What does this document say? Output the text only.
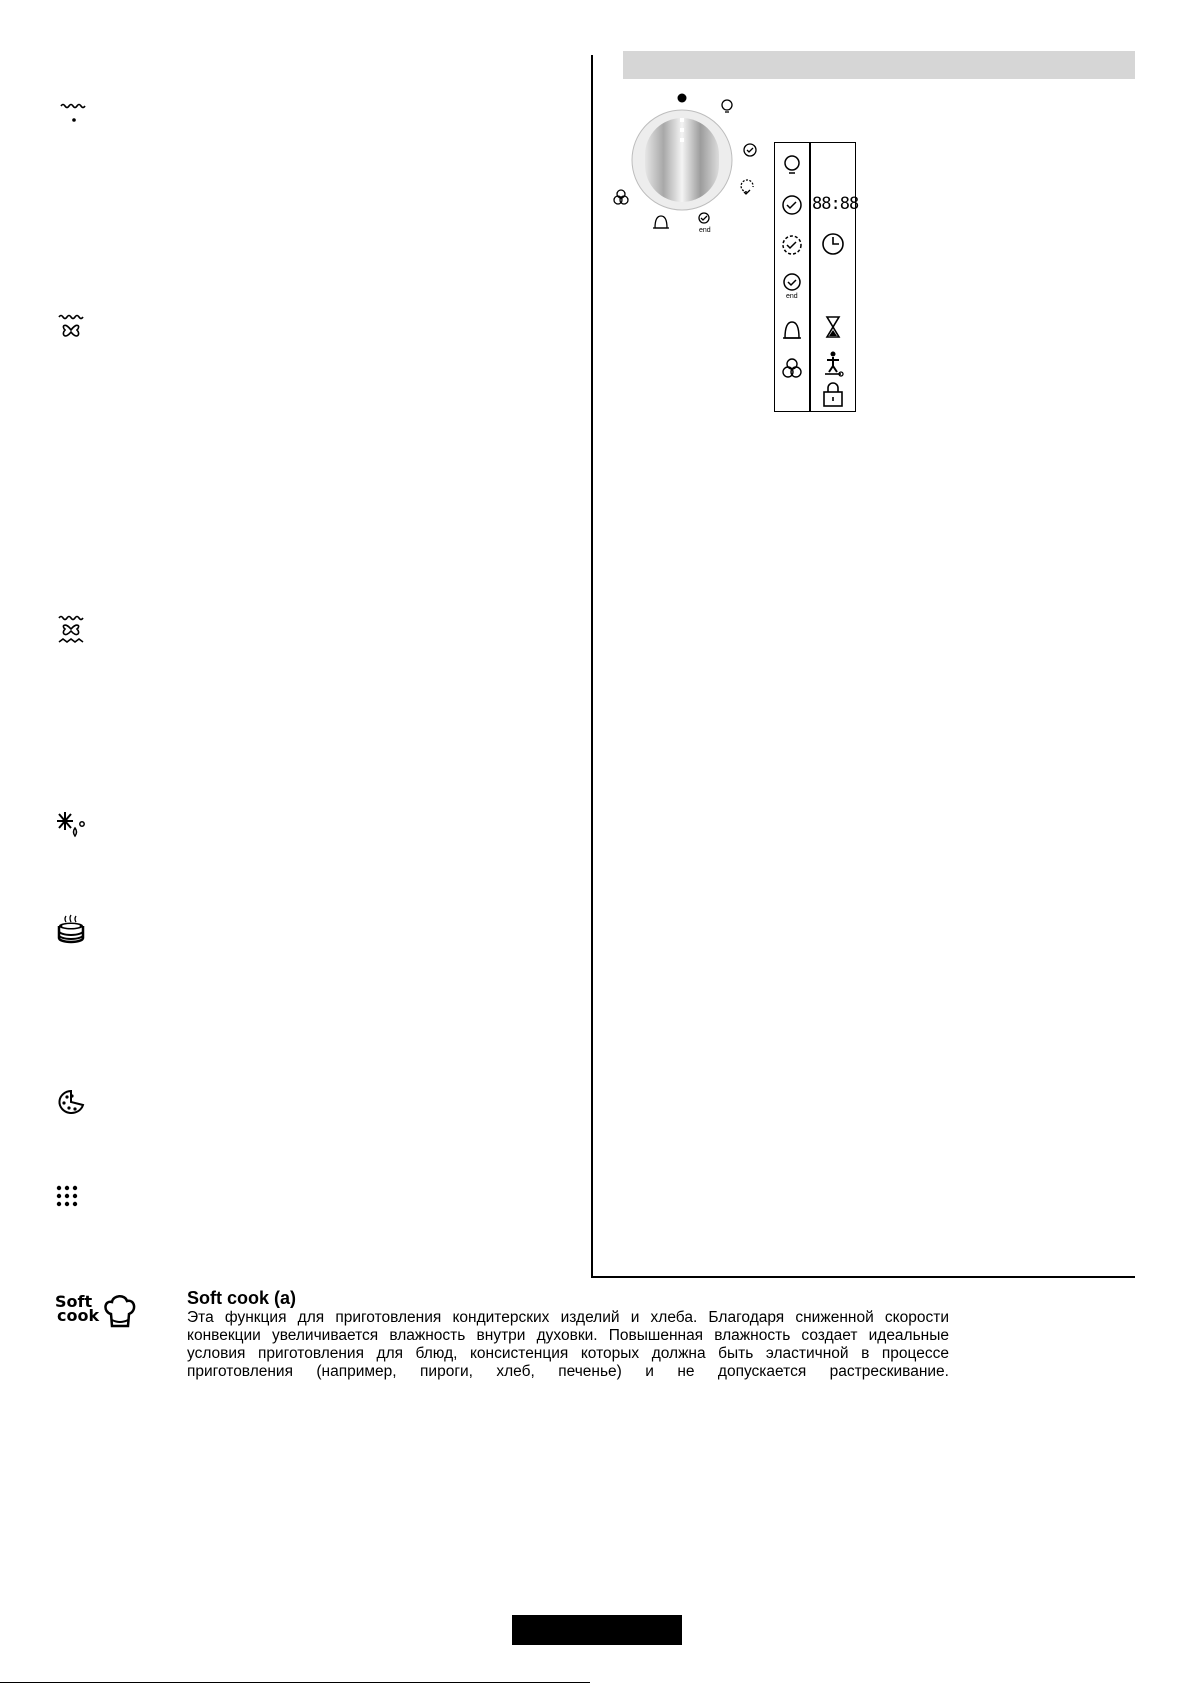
end
end
88:88
Soft
cook
Soft cook (a)
Эта функция для приготовления кондитерских изделий и хлеба. Благодаря сниженной скорости конвекции увеличивается влажность внутри духовки. Повышенная влажность создает идеальные условия приготовления для блюд, консистенция которых должна быть эластичной в процессе приготовления (например, пироги, хлеб, печенье) и не допускается растрескивание.
